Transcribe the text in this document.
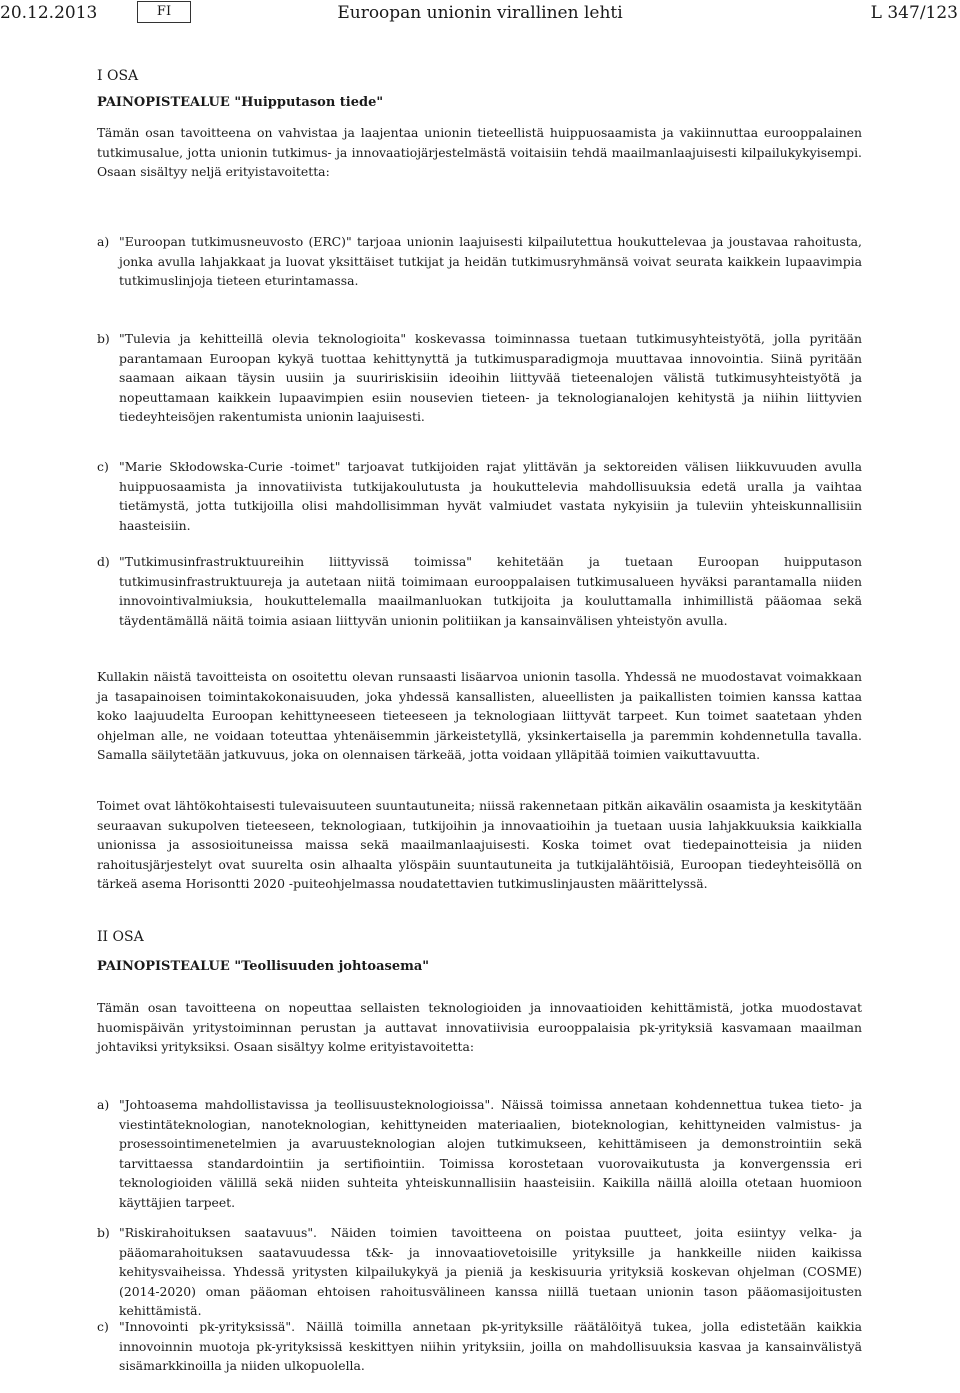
20.12.2013	FI	Euroopan unionin virallinen lehti	L 347/123
I OSA
PAINOPISTEALUE "Huipputason tiede"
Tämän osan tavoitteena on vahvistaa ja laajentaa unionin tieteellistä huippuosaamista ja vakiinnuttaa eurooppalainen tutkimusalue, jotta unionin tutkimus- ja innovaatiojärjestelmästä voitaisiin tehdä maailmanlaajuisesti kilpailukykyisempi. Osaan sisältyy neljä erityistavoitetta:
a) "Euroopan tutkimusneuvosto (ERC)" tarjoaa unionin laajuisesti kilpailutettua houkuttelevaa ja joustavaa rahoitusta, jonka avulla lahjakkaat ja luovat yksittäiset tutkijat ja heidän tutkimusryhmänsä voivat seurata kaikkein lupaavimpia tutkimuslinjoja tieteen eturintamassa.
b) "Tulevia ja kehitteillä olevia teknologioita" koskevassa toiminnassa tuetaan tutkimusyhteistyötä, jolla pyritään parantamaan Euroopan kykyä tuottaa kehittynyttä ja tutkimusparadigmoja muuttavaa innovointia. Siinä pyritään saamaan aikaan täysin uusiin ja suuririskisiin ideoihin liittyvää tieteenalojen välistä tutkimusyhteistyötä ja nopeuttamaan kaikkein lupaavimpien esiin nousevien tieteen- ja teknologianalojen kehitystä ja niihin liittyvien tiedeyhteisöjen rakentumista unionin laajuisesti.
c) "Marie Skłodowska-Curie -toimet" tarjoavat tutkijoiden rajat ylittävän ja sektoreiden välisen liikkuvuuden avulla huippuosaamista ja innovatiivista tutkijakoulutusta ja houkuttelevia mahdollisuuksia edetä uralla ja vaihtaa tietämystä, jotta tutkijoilla olisi mahdollisimman hyvät valmiudet vastata nykyisiin ja tuleviin yhteiskunnallisiin haasteisiin.
d) "Tutkimusinfrastruktuureihin liittyvissä toimissa" kehitetään ja tuetaan Euroopan huipputason tutkimusinfrastruktuureja ja autetaan niitä toimimaan eurooppalaisen tutkimusalueen hyväksi parantamalla niiden innovointivalmiuksia, houkuttelemalla maailmanluokan tutkijoita ja kouluttamalla inhimillistä pääomaa sekä täydentämällä näitä toimia asiaan liittyvän unionin politiikan ja kansainvälisen yhteistyön avulla.
Kullakin näistä tavoitteista on osoitettu olevan runsaasti lisäarvoa unionin tasolla. Yhdessä ne muodostavat voimakkaan ja tasapainoisen toimintakokonaisuuden, joka yhdessä kansallisten, alueellisten ja paikallisten toimien kanssa kattaa koko laajuudelta Euroopan kehittyneeseen tieteeseen ja teknologiaan liittyvät tarpeet. Kun toimet saatetaan yhden ohjelman alle, ne voidaan toteuttaa yhtenäisemmin järkeistetyllä, yksinkertaisella ja paremmin kohdennetulla tavalla. Samalla säilytetään jatkuvuus, joka on olennaisen tärkeää, jotta voidaan ylläpitää toimien vaikuttavuutta.
Toimet ovat lähtökohtaisesti tulevaisuuteen suuntautuneita; niissä rakennetaan pitkän aikavälin osaamista ja keskitytään seuraavan sukupolven tieteeseen, teknologiaan, tutkijoihin ja innovaatioihin ja tuetaan uusia lahjakkuuksia kaikkialla unionissa ja assosioituneissa maissa sekä maailmanlaajuisesti. Koska toimet ovat tiedepainotteisia ja niiden rahoitusjärjestelyt ovat suurelta osin alhaalta ylöspäin suuntautuneita ja tutkijalähtöisiä, Euroopan tiedeyhteisöllä on tärkeä asema Horisontti 2020 -puiteohjelmassa noudatettavien tutkimuslinjausten määrittelyssä.
II OSA
PAINOPISTEALUE "Teollisuuden johtoasema"
Tämän osan tavoitteena on nopeuttaa sellaisten teknologioiden ja innovaatioiden kehittämistä, jotka muodostavat huomispäivän yritystoiminnan perustan ja auttavat innovatiivisia eurooppalaisia pk-yrityksiä kasvamaan maailman johtaviksi yrityksiksi. Osaan sisältyy kolme erityistavoitetta:
a) "Johtoasema mahdollistavissa ja teollisuusteknologioissa". Näissä toimissa annetaan kohdennettua tukea tieto- ja viestintäteknologian, nanoteknologian, kehittyneiden materiaalien, bioteknologian, kehittyneiden valmistus- ja prosessointimenetelmien ja avaruusteknologian alojen tutkimukseen, kehittämiseen ja demonstrointiin sekä tarvittaessa standardointiin ja sertifiointiin. Toimissa korostetaan vuorovaikutusta ja konvergenssia eri teknologioiden välillä sekä niiden suhteita yhteiskunnallisiin haasteisiin. Kaikilla näillä aloilla otetaan huomioon käyttäjien tarpeet.
b) "Riskirahoituksen saatavuus". Näiden toimien tavoitteena on poistaa puutteet, joita esiintyy velka- ja pääomarahoituksen saatavuudessa t&k- ja innovaatiovetoisille yrityksille ja hankkeille niiden kaikissa kehitysvaiheissa. Yhdessä yritysten kilpailukykyä ja pieniä ja keskisuuria yrityksiä koskevan ohjelman (COSME) (2014-2020) oman pääoman ehtoisen rahoitusvälineen kanssa niillä tuetaan unionin tason pääomasijoitusten kehittämistä.
c) "Innovointi pk-yrityksissä". Näillä toimilla annetaan pk-yrityksille räätälöityä tukea, jolla edistetään kaikkia innovoinnin muotoja pk-yrityksissä keskittyen niihin yrityksiin, joilla on mahdollisuuksia kasvaa ja kansainvälistyä sisämarkkinoilla ja niiden ulkopuolella.
